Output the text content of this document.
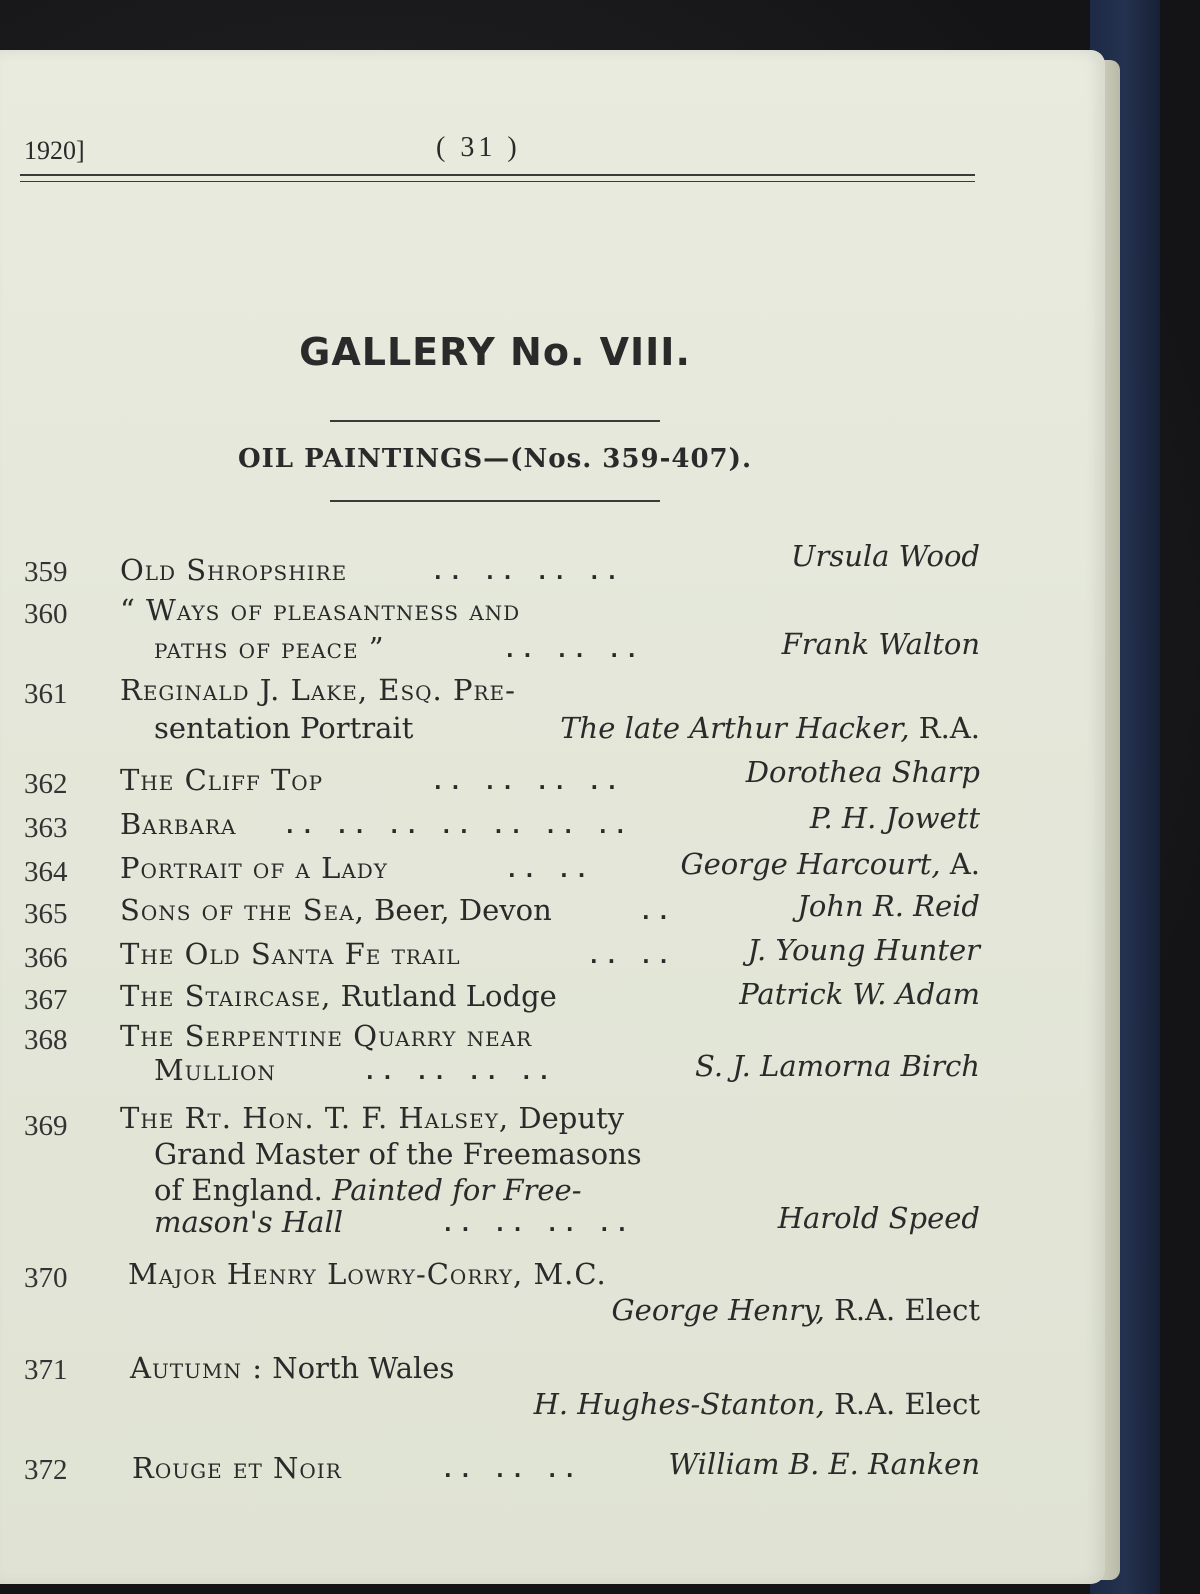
1920]	( 31 )
GALLERY No. VIII.
OIL PAINTINGS—(Nos. 359-407).
359 Old Shropshire	.. .. .. ..	Ursula Wood
360 “ Ways of pleasantness and
paths of peace ”	.. .. ..	Frank Walton
361 Reginald J. Lake, Esq. Pre-
sentation Portrait	The late Arthur Hacker, R.A.
362 The Cliff Top	.. .. .. ..	Dorothea Sharp
363 Barbara .. .. .. .. .. .. ..	P. H. Jowett
364 Portrait of a Lady	.. ..	George Harcourt, A.
365 Sons of the Sea, Beer, Devon	..	John R. Reid
366 The Old Santa Fe trail	.. .. J. Young Hunter
367 The Staircase, Rutland Lodge	Patrick W. Adam
368 The Serpentine Quarry near
Mullion	.. .. .. ..	S. J. Lamorna Birch
369 The Rt. Hon. T. F. Halsey, Deputy
Grand Master of the Freemasons
of England. Painted for Free-
mason's Hall	.. .. .. ..	Harold Speed
370 Major Henry Lowry-Corry, M.C.
George Henry, R.A. Elect
371 Autumn : North Wales
H. Hughes-Stanton, R.A. Elect
372 Rouge et Noir	.. .. ..	William B. E. Ranken
